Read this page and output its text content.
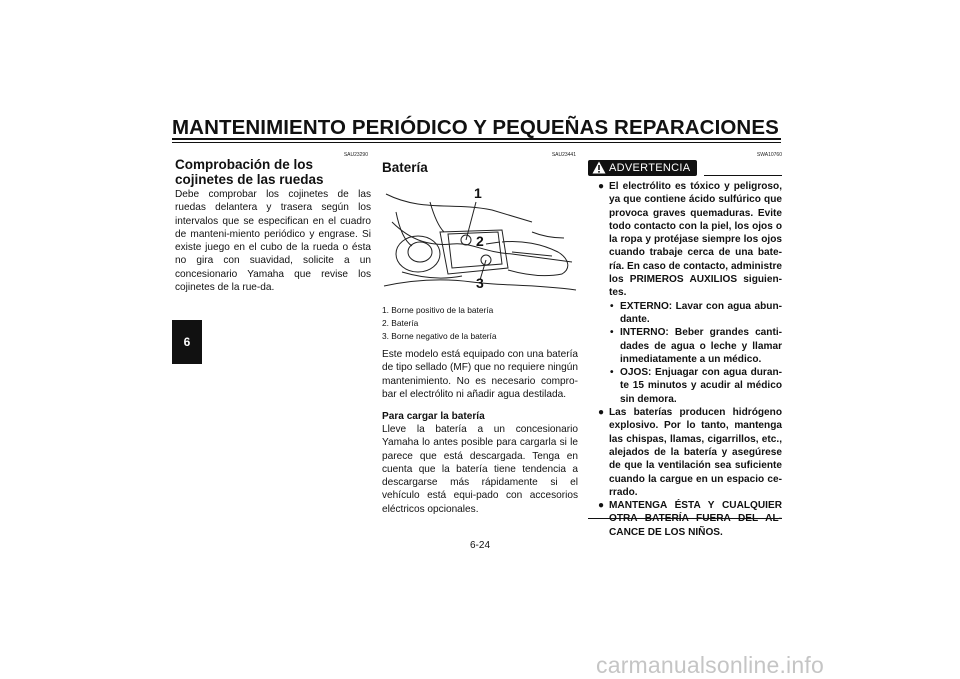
MANTENIMIENTO PERIÓDICO Y PEQUEÑAS REPARACIONES
6
SAU23290
Comprobación de los cojinetes de las ruedas
Debe comprobar los cojinetes de las ruedas delantera y trasera según los intervalos que se especifican en el cuadro de manteni-miento periódico y engrase. Si existe juego en el cubo de la rueda o ésta no gira con suavidad, solicite a un concesionario Yamaha que revise los cojinetes de la rue-da.
SAU23441
Batería
1
2
3
1. Borne positivo de la batería
2. Batería
3. Borne negativo de la batería
Este modelo está equipado con una batería de tipo sellado (MF) que no requiere ningún mantenimiento. No es necesario compro-bar el electrólito ni añadir agua destilada.
Para cargar la batería
Lleve la batería a un concesionario Yamaha lo antes posible para cargarla si le parece que está descargada. Tenga en cuenta que la batería tiene tendencia a descargarse más rápidamente si el vehículo está equi-pado con accesorios eléctricos opcionales.
SWA10760
ADVERTENCIA
● El electrólito es tóxico y peligroso, ya que contiene ácido sulfúrico que provoca graves quemaduras. Evite todo contacto con la piel, los ojos o la ropa y protéjase siempre los ojos cuando trabaje cerca de una bate-ría. En caso de contacto, administre los PRIMEROS AUXILIOS siguien-tes.
• EXTERNO: Lavar con agua abun-dante.
• INTERNO: Beber grandes canti-dades de agua o leche y llamar inmediatamente a un médico.
• OJOS: Enjuagar con agua duran-te 15 minutos y acudir al médico sin demora.
● Las baterías producen hidrógeno explosivo. Por lo tanto, mantenga las chispas, llamas, cigarrillos, etc., alejados de la batería y asegúrese de que la ventilación sea suficiente cuando la cargue en un espacio ce-rrado.
● MANTENGA ÉSTA Y CUALQUIER OTRA BATERÍA FUERA DEL AL-CANCE DE LOS NIÑOS.
6-24
carmanualsonline.info
